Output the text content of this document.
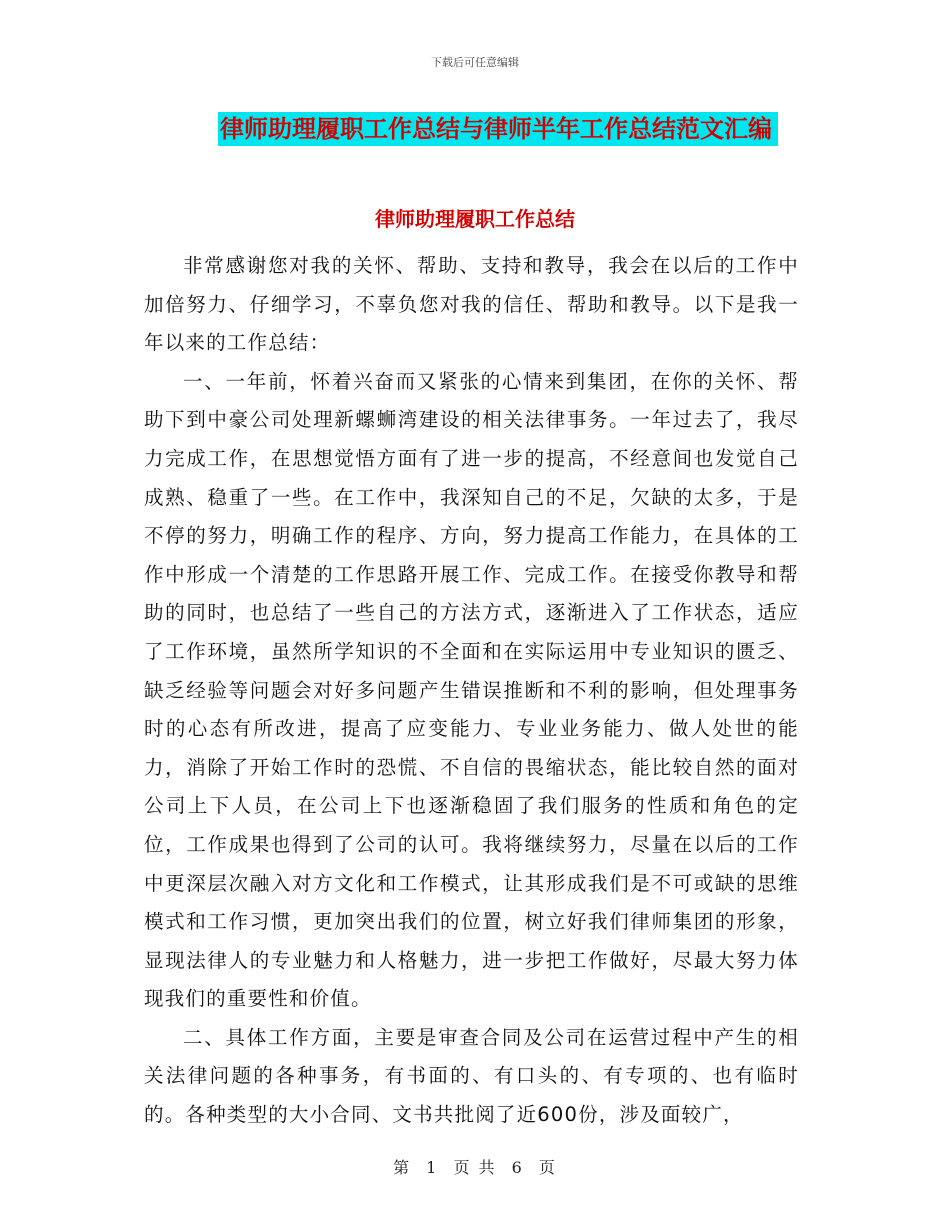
下载后可任意编辑
律师助理履职工作总结与律师半年工作总结范文汇编
律师助理履职工作总结

非常感谢您对我的关怀、帮助、支持和教导，我会在以后的工作中加倍努力、仔细学习，不辜负您对我的信任、帮助和教导。以下是我一年以来的工作总结：

一、一年前，怀着兴奋而又紧张的心情来到集团，在你的关怀、帮助下到中豪公司处理新螺蛳湾建设的相关法律事务。一年过去了，我尽力完成工作，在思想觉悟方面有了进一步的提高，不经意间也发觉自己成熟、稳重了一些。在工作中，我深知自己的不足，欠缺的太多，于是不停的努力，明确工作的程序、方向，努力提高工作能力，在具体的工作中形成一个清楚的工作思路开展工作、完成工作。在接受你教导和帮助的同时，也总结了一些自己的方法方式，逐渐进入了工作状态，适应了工作环境，虽然所学知识的不全面和在实际运用中专业知识的匮乏、缺乏经验等问题会对好多问题产生错误推断和不利的影响，但处理事务时的心态有所改进，提高了应变能力、专业业务能力、做人处世的能力，消除了开始工作时的恐慌、不自信的畏缩状态，能比较自然的面对公司上下人员，在公司上下也逐渐稳固了我们服务的性质和角色的定位，工作成果也得到了公司的认可。我将继续努力，尽量在以后的工作中更深层次融入对方文化和工作模式，让其形成我们是不可或缺的思维模式和工作习惯，更加突出我们的位置，树立好我们律师集团的形象，显现法律人的专业魅力和人格魅力，进一步把工作做好，尽最大努力体现我们的重要性和价值。

二、具体工作方面，主要是审查合同及公司在运营过程中产生的相关法律问题的各种事务，有书面的、有口头的、有专项的、也有临时的。各种类型的大小合同、文书共批阅了近600份，涉及面较广，

第 1 页 共 6 页
